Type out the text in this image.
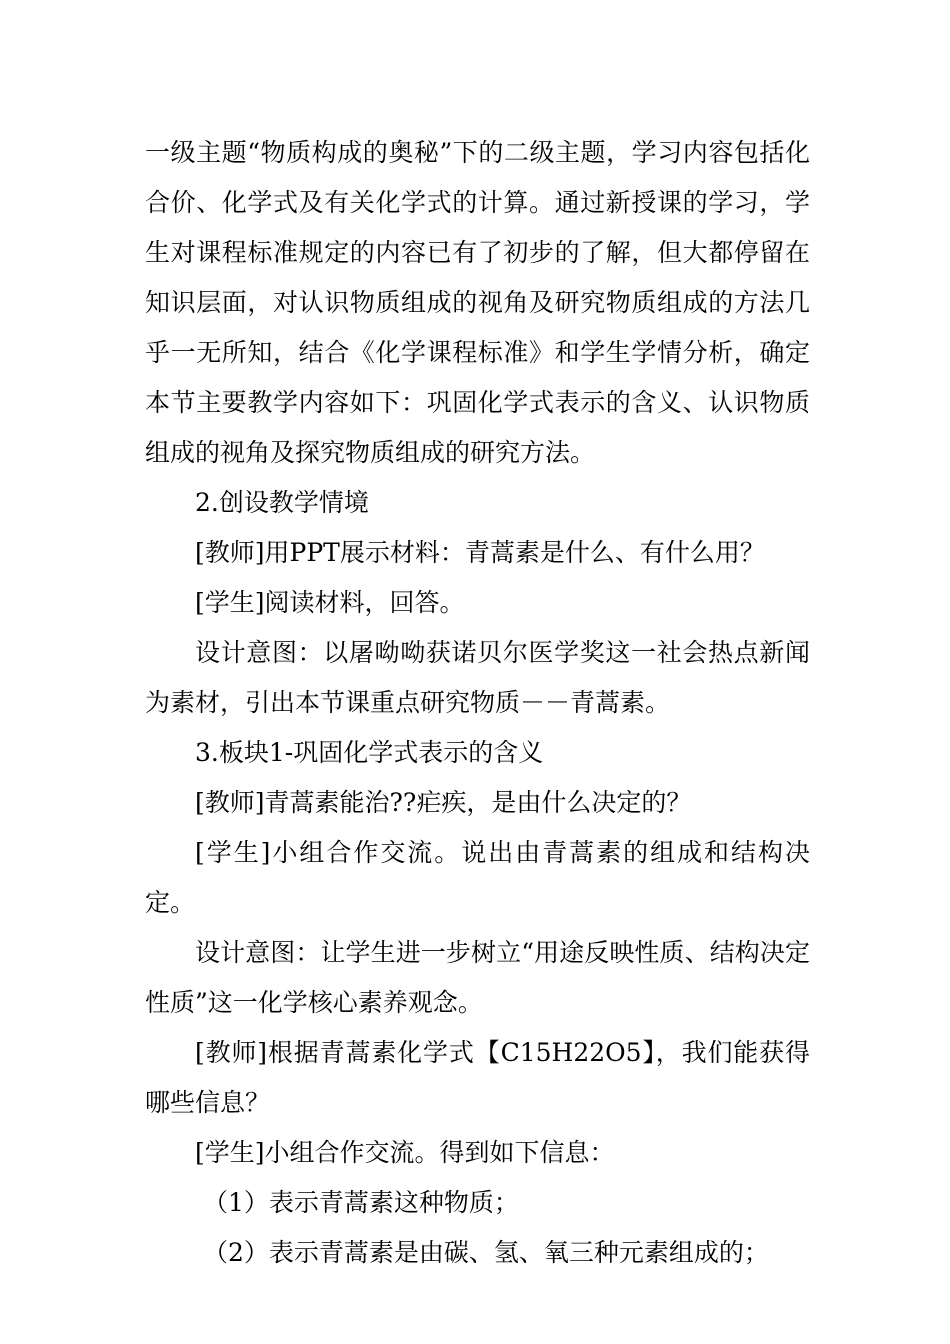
一级主题“物质构成的奥秘”下的二级主题，学习内容包括化合价、化学式及有关化学式的计算。通过新授课的学习，学生对课程标准规定的内容已有了初步的了解，但大都停留在知识层面，对认识物质组成的视角及研究物质组成的方法几乎一无所知，结合《化学课程标准》和学生学情分析，确定本节主要教学内容如下：巩固化学式表示的含义、认识物质组成的视角及探究物质组成的研究方法。

2.创设教学情境

[教师]用PPT展示材料：青蒿素是什么、有什么用？

[学生]阅读材料，回答。

设计意图：以屠呦呦获诺贝尔医学奖这一社会热点新闻为素材，引出本节课重点研究物质－－青蒿素。

3.板块1-巩固化学式表示的含义

[教师]青蒿素能治??疟疾，是由什么决定的？

[学生]小组合作交流。说出由青蒿素的组成和结构决定。

设计意图：让学生进一步树立“用途反映性质、结构决定性质”这一化学核心素养观念。

[教师]根据青蒿素化学式【C15H22O5】，我们能获得哪些信息？

[学生]小组合作交流。得到如下信息：

（1）表示青蒿素这种物质；

（2）表示青蒿素是由碳、氢、氧三种元素组成的；
